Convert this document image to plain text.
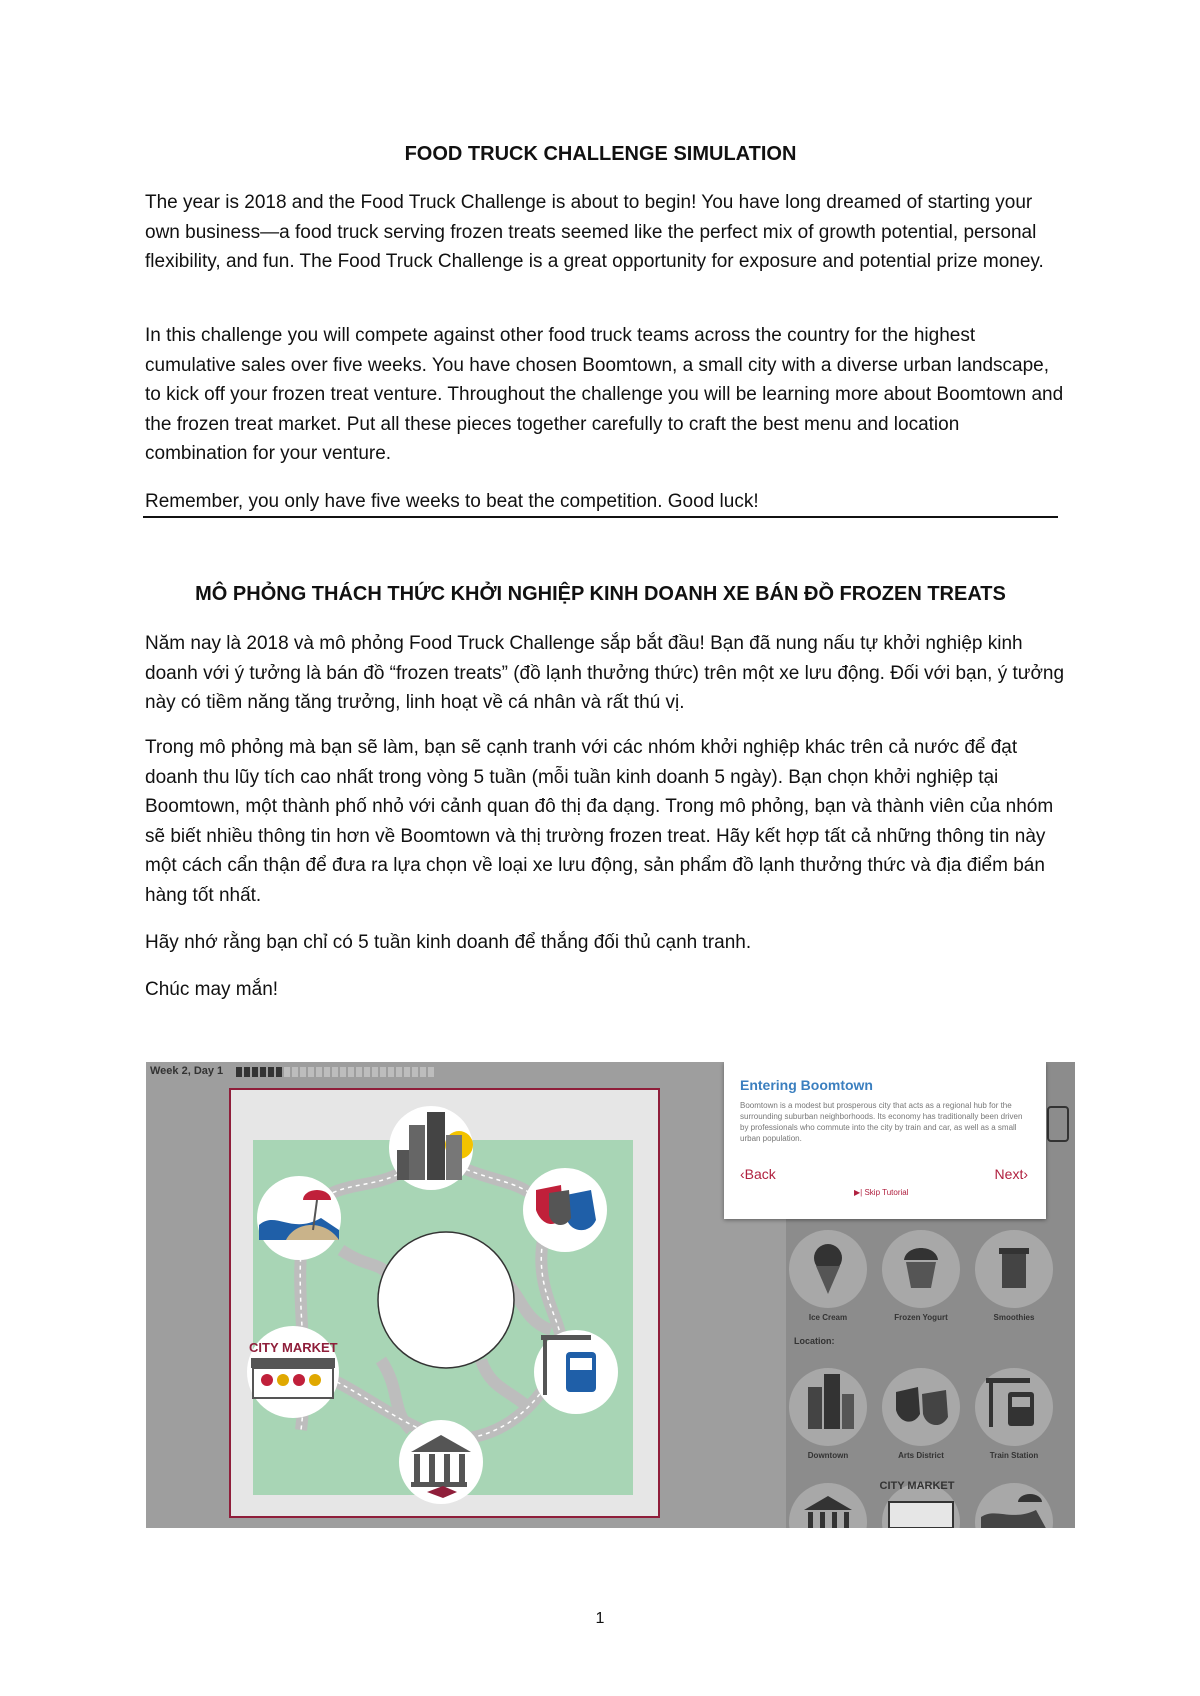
FOOD TRUCK CHALLENGE SIMULATION

The year is 2018 and the Food Truck Challenge is about to begin! You have long dreamed of starting your own business—a food truck serving frozen treats seemed like the perfect mix of growth potential, personal flexibility, and fun. The Food Truck Challenge is a great opportunity for exposure and potential prize money.

In this challenge you will compete against other food truck teams across the country for the highest cumulative sales over five weeks. You have chosen Boomtown, a small city with a diverse urban landscape, to kick off your frozen treat venture. Throughout the challenge you will be learning more about Boomtown and the frozen treat market. Put all these pieces together carefully to craft the best menu and location combination for your venture.

Remember, you only have five weeks to beat the competition. Good luck!

MÔ PHỎNG THÁCH THỨC KHỞI NGHIỆP KINH DOANH XE BÁN ĐỒ FROZEN TREATS

Năm nay là 2018 và mô phỏng Food Truck Challenge sắp bắt đầu! Bạn đã nung nấu tự khởi nghiệp kinh doanh với ý tưởng là bán đồ “frozen treats” (đồ lạnh thưởng thức) trên một xe lưu động. Đối với bạn, ý tưởng này có tiềm năng tăng trưởng, linh hoạt về cá nhân và rất thú vị.

Trong mô phỏng mà bạn sẽ làm, bạn sẽ cạnh tranh với các nhóm khởi nghiệp khác trên cả nước để đạt doanh thu lũy tích cao nhất trong vòng 5 tuần (mỗi tuần kinh doanh 5 ngày). Bạn chọn khởi nghiệp tại Boomtown, một thành phố nhỏ với cảnh quan đô thị đa dạng. Trong mô phỏng, bạn và thành viên của nhóm sẽ biết nhiều thông tin hơn về Boomtown và thị trường frozen treat. Hãy kết hợp tất cả những thông tin này một cách cẩn thận để đưa ra lựa chọn về loại xe lưu động, sản phẩm đồ lạnh thưởng thức và địa điểm bán hàng tốt nhất.

Hãy nhớ rằng bạn chỉ có 5 tuần kinh doanh để thắng đối thủ cạnh tranh.

Chúc may mắn!

Week 2, Day 1
CITY MARKET
Ice Cream	Frozen Yogurt	Smoothies
Location:
Downtown	Arts District	Train Station
CITY MARKET
Entering Boomtown
Boomtown is a modest but prosperous city that acts as a regional hub for the surrounding suburban neighborhoods. Its economy has traditionally been driven by professionals who commute into the city by train and car, as well as a small urban population.
‹Back	Next›
▶| Skip Tutorial
1
